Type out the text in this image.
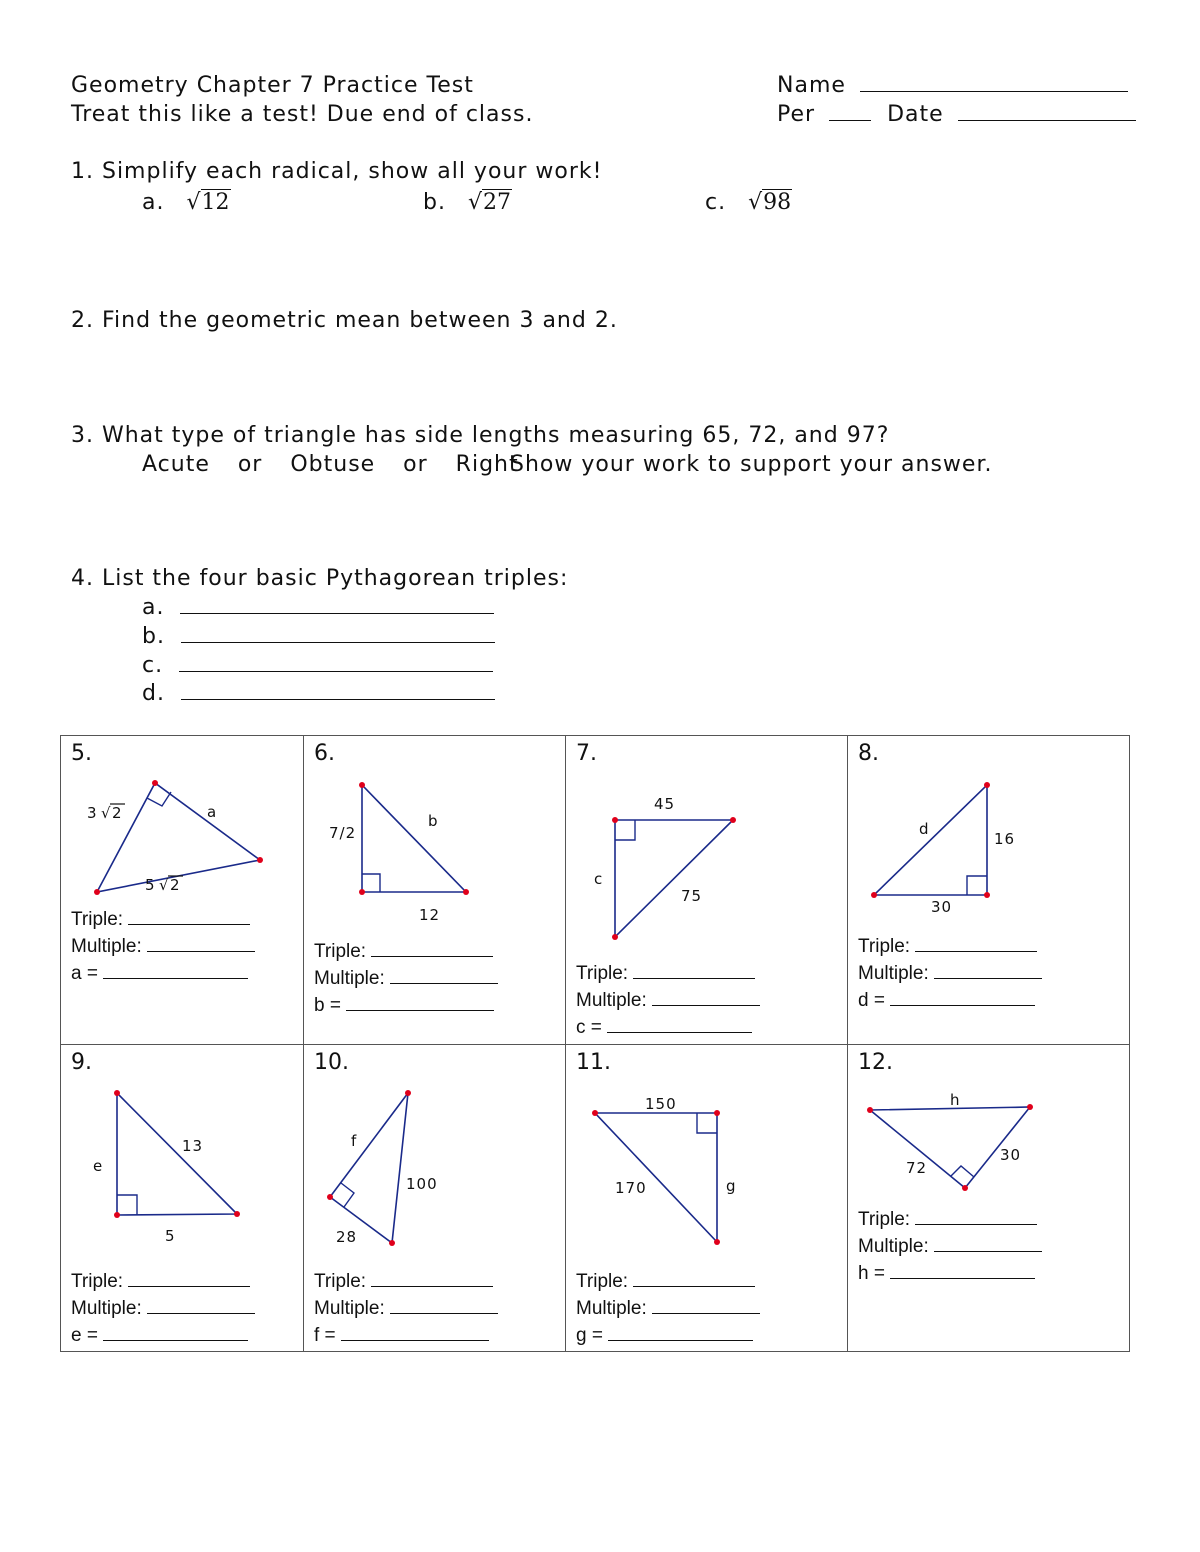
Geometry Chapter 7 Practice Test
Treat this like a test! Due end of class.
Name
Per	Date
1. Simplify each radical, show all your work!
a. √12	b. √27	c. √98
2. Find the geometric mean between 3 and 2.
3. What type of triangle has side lengths measuring 65, 72, and 97?
Acute  or  Obtuse  or  Right
Show your work to support your answer.
4. List the four basic Pythagorean triples:
a.
b.
c.
d.
5.
3 √ 2	a
5 √ 2
Triple:
Multiple:
a =
6.
7/2
b
12
Triple:
Multiple:
b =
7.
45
c
75
Triple:
Multiple:
c =
8.
d
16
30
Triple:
Multiple:
d =
9.
13
e
5
Triple:
Multiple:
e =
10.
f
100
28
Triple:
Multiple:
f =
11.
150
170	g
Triple:
Multiple:
g =
12.
h
30
72
Triple:
Multiple:
h =
